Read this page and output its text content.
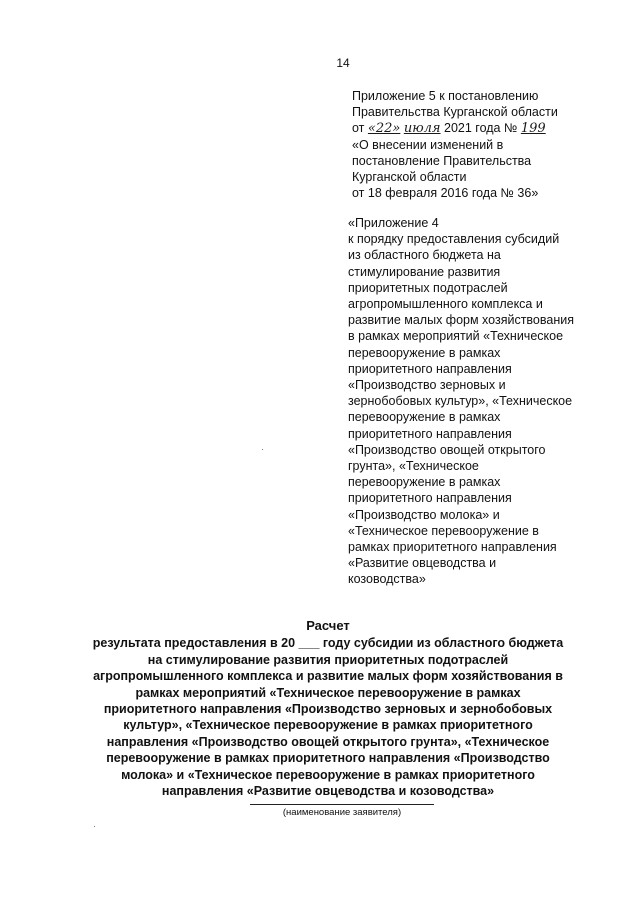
14
Приложение 5 к постановлению
Правительства Курганской области
от «22» июля 2021 года № 199
«О внесении изменений в
постановление Правительства
Курганской области
от 18 февраля 2016 года № 36»
«Приложение 4
к порядку предоставления субсидий
из областного бюджета на
стимулирование развития
приоритетных подотраслей
агропромышленного комплекса и
развитие малых форм хозяйствования
в рамках мероприятий «Техническое
перевооружение в рамках
приоритетного направления
«Производство зерновых и
зернобобовых культур», «Техническое
перевооружение в рамках
приоритетного направления
«Производство овощей открытого
грунта», «Техническое
перевооружение в рамках
приоритетного направления
«Производство молока» и
«Техническое перевооружение в
рамках приоритетного направления
«Развитие овцеводства и
козоводства»
Расчет
результата предоставления в 20 ___ году субсидии из областного бюджета
на стимулирование развития приоритетных подотраслей
агропромышленного комплекса и развитие малых форм хозяйствования в
рамках мероприятий «Техническое перевооружение в рамках
приоритетного направления «Производство зерновых и зернобобовых
культур», «Техническое перевооружение в рамках приоритетного
направления «Производство овощей открытого грунта», «Техническое
перевооружение в рамках приоритетного направления «Производство
молока» и «Техническое перевооружение в рамках приоритетного
направления «Развитие овцеводства и козоводства»
(наименование заявителя)
